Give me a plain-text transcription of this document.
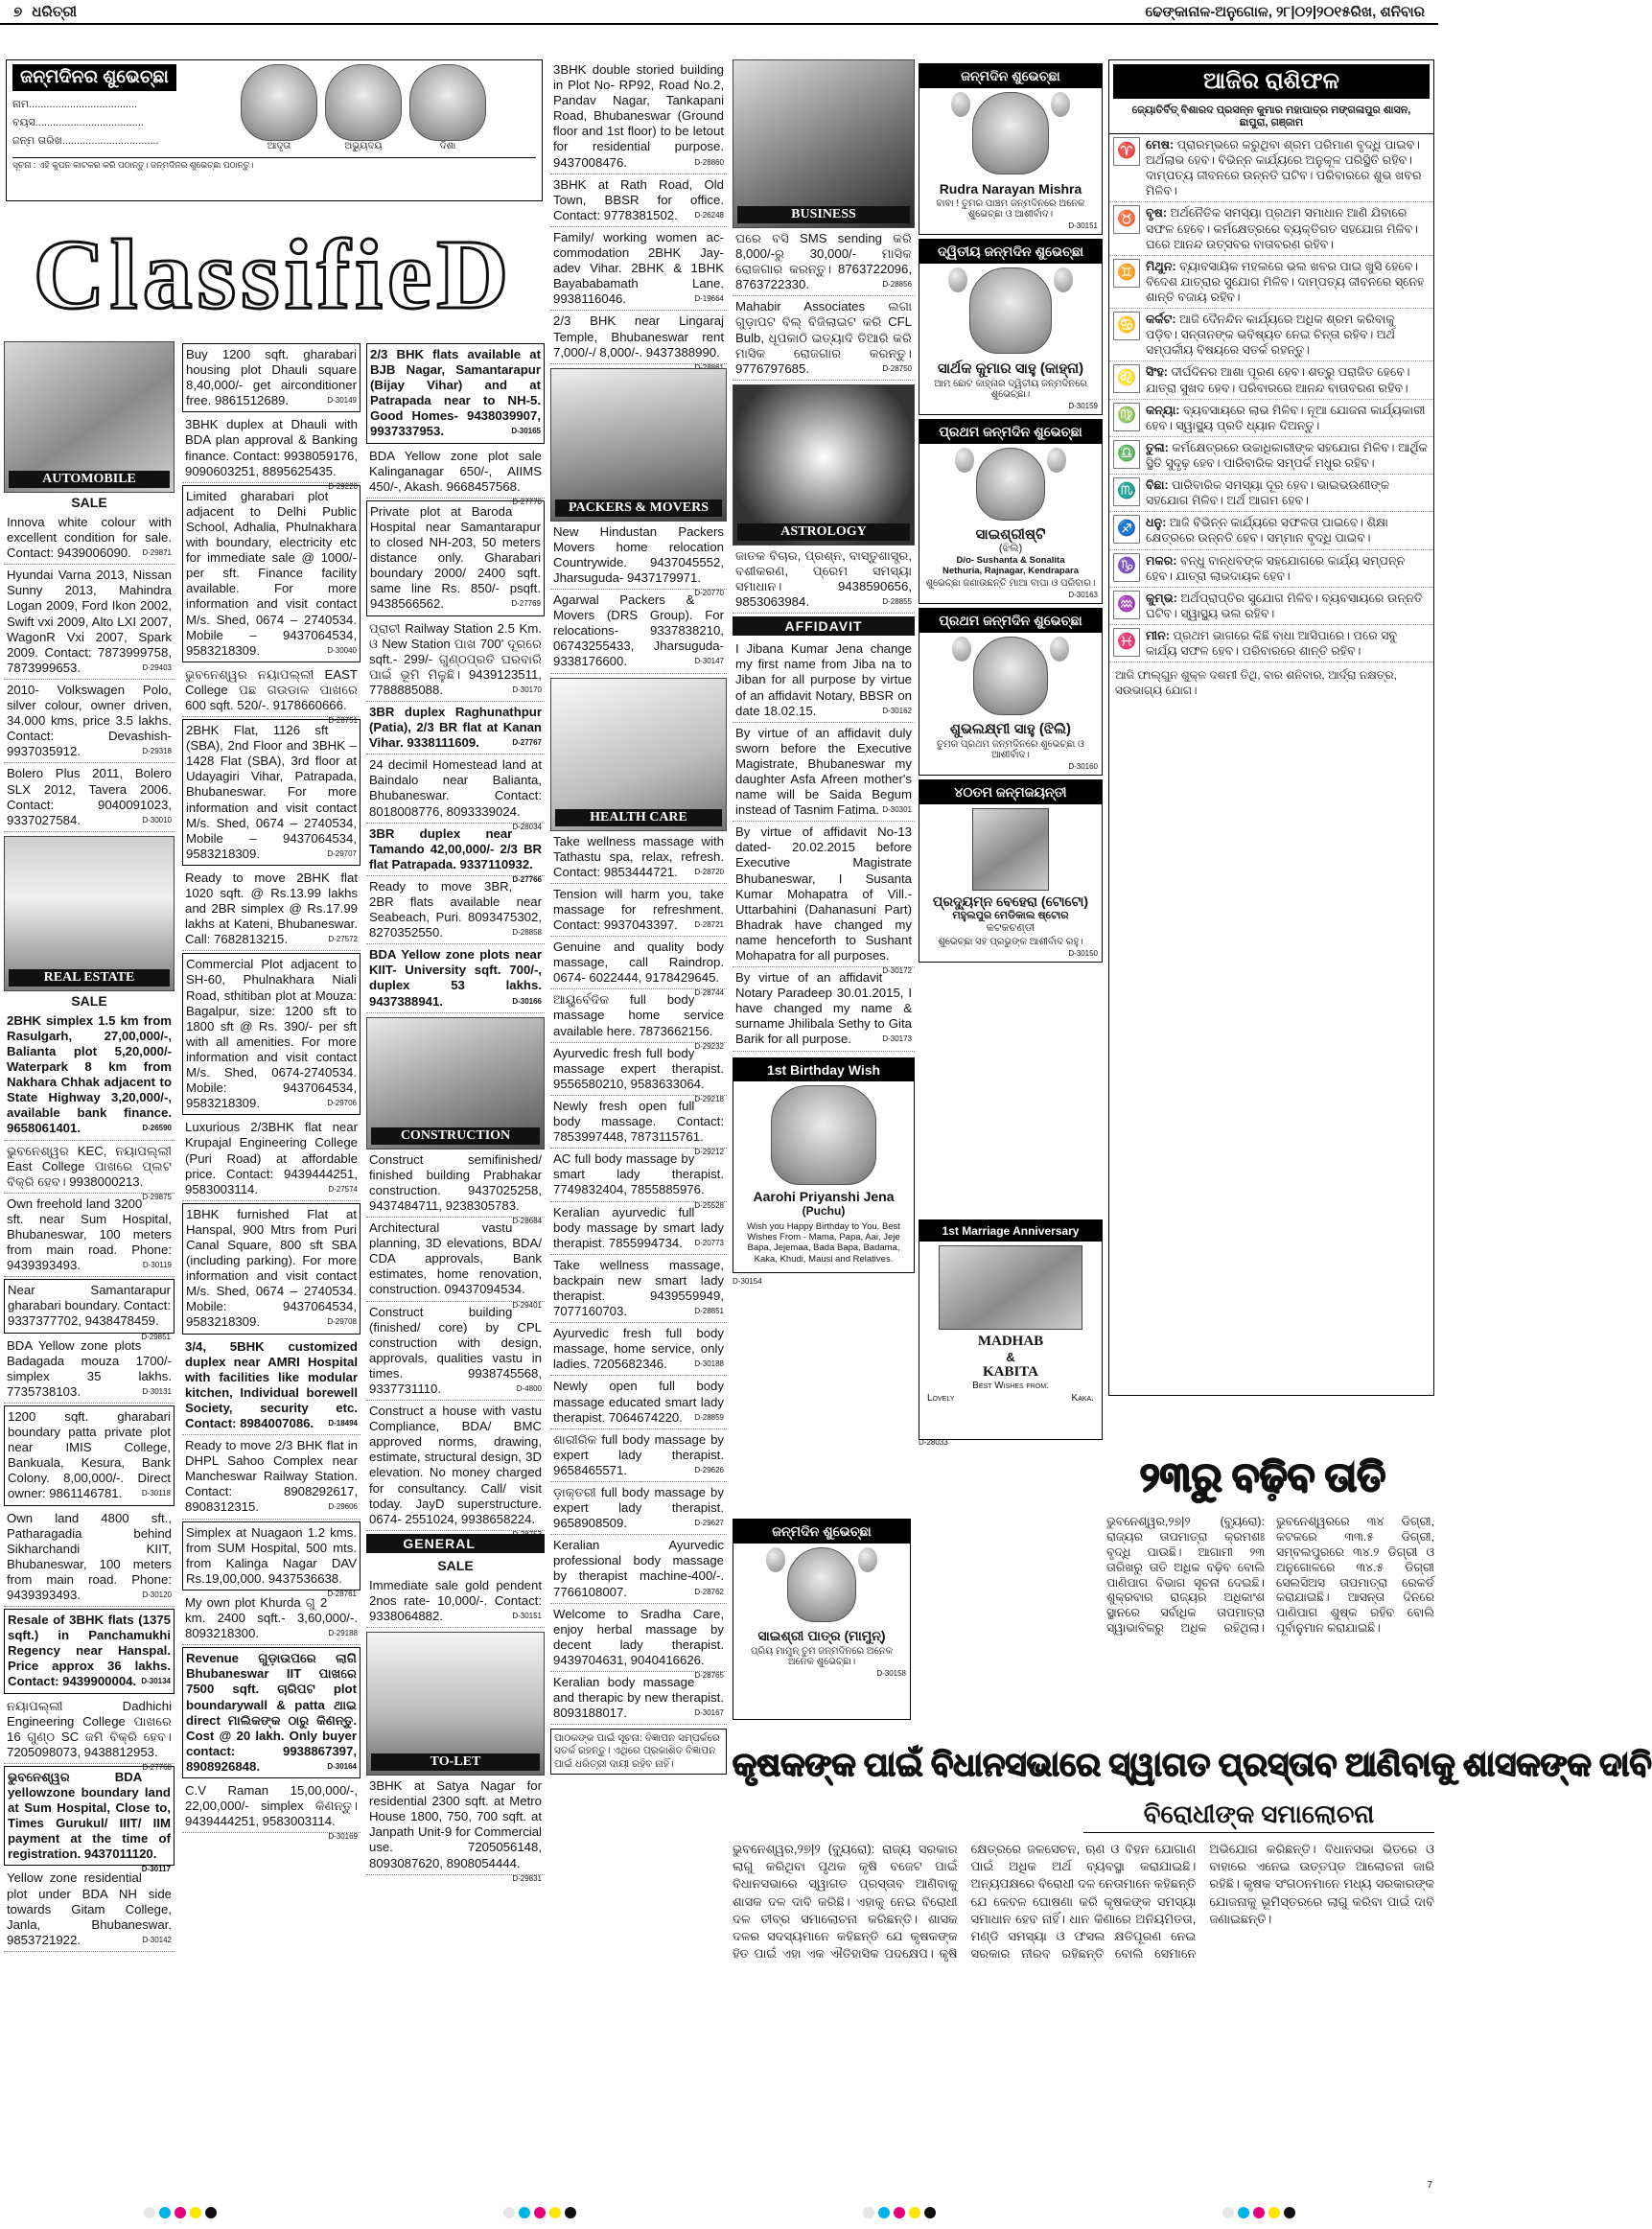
୭ ଧରିତ୍ରୀ	ଢେଙ୍କାନାଳ-ଅନୁଗୋଳ, ୨୮|୦୨|୨୦୧୫ରିଖ, ଶନିବାର
ଜନ୍ମଦିନର ଶୁଭେଚ୍ଛା
ନାମ.....................................
ବୟସ.....................................
ଜନ୍ମ ତାରିଖ.................................	ଆଦୃତା	ଅଭ୍ୟୁଦୟ	ଦିଶା
ସୂଚନା : ଏହି କୁପନ କାଟକର କରି ପଠାନ୍ତୁ। ଜନ୍ମଦିନର ଶୁଭେଚ୍ଛା ପଠାନ୍ତୁ।
ClassifieD
AUTOMOBILE
SALE
Innova white colour with excellent condition for sale. Contact: 9439006090. D-29871
Hyundai Varna 2013, Nissan Sunny 2013, Mahindra Logan 2009, Ford Ikon 2002, Swift vxi 2009, Alto LXI 2007, WagonR Vxi 2007, Spark 2009. Contact: 7873999758, 7873999653.	D-29403
2010- Volkswagen Polo, silver colour, owner driven, 34.000 kms, price 3.5 lakhs. Contact: Devashish- 9937035912.	D-29318
Bolero Plus 2011, Bolero SLX 2012, Tavera 2006. Contact: 9040091023, 9337027584.	D-30010
REAL ESTATE
SALE
2BHK simplex 1.5 km from Rasulgarh, 27,00,000/-, Balianta plot 5,20,000/- Waterpark 8 km from Nakhara Chhak adjacent to State Highway 3,20,000/-, available bank finance. 9658061401.	D-26590
ଭୁବନେଶ୍ୱର KEC, ନୟାପଲ୍ଲୀ East College ପାଖରେ ପ୍ଲଟ ବିକ୍ରି ହେବ। 9938000213.
D-29875
Own freehold land 3200 sft. near Sum Hospital, Bhubaneswar, 100 meters from main road. Phone: 9439393493.	D-30119
Near Samantarapur gharabari boundary. Contact: 9337377702, 9438478459.
D-29851
BDA Yellow zone plots Badagada mouza 1700/- simplex 35 lakhs. 7735738103.	D-30131
1200 sqft. gharabari boundary patta private plot near IMIS College, Bankuala, Kesura, Bank Colony. 8,00,000/-. Direct owner: 9861146781.	D-30118
Own land 4800 sft., Patharagadia behind Sikharchandi KIIT, Bhubaneswar, 100 meters from main road. Phone: 9439393493.	D-30120
Resale of 3BHK flats (1375 sqft.) in Panchamukhi Regency near Hanspal. Price approx 36 lakhs. Contact: 9439900004. D-30134
ନୟାପଲ୍ଲୀ Dadhichi Engineering College ପାଖରେ 16 ଗୁଣ୍ଠ SC ଜମି ବିକ୍ରି ହେବ। 7205098073, 9438812953.
D-27768
ଭୁବନେଶ୍ୱର BDA yellowzone boundary land at Sum Hospital, Close to, Times Gurukul/ IIIT/ IIM payment at the time of registration. 9437011120.
D-30117
Yellow zone residential plot under BDA NH side towards Gitam College, Janla, Bhubaneswar. 9853721922.	D-30142
Buy 1200 sqft. gharabari housing plot Dhauli square 8,40,000/- get airconditioner free. 9861512689.	D-30149
3BHK duplex at Dhauli with BDA plan approval & Banking finance. Contact: 9938059176, 9090603251, 8895625435.
D-29220
Limited gharabari plot adjacent to Delhi Public School, Adhalia, Phulnakhara with boundary, electricity etc for immediate sale @ 1000/- per sft. Finance facility available. For more information and visit contact M/s. Shed, 0674 – 2740534. Mobile – 9437064534, 9583218309.	D-30040
ଭୁବନେଶ୍ୱର ନୟାପଲ୍ଲୀ EAST College ପଛ ଗଉଡାଳ ପାଖରେ 600 sqft. 520/-. 9178660666.
D-28751
2BHK Flat, 1126 sft (SBA), 2nd Floor and 3BHK – 1428 Flat (SBA), 3rd floor at Udayagiri Vihar, Patrapada, Bhubaneswar. For more information and visit contact M/s. Shed, 0674 – 2740534, Mobile – 9437064534, 9583218309.	D-29707
Ready to move 2BHK flat 1020 sqft. @ Rs.13.99 lakhs and 2BR simplex @ Rs.17.99 lakhs at Kateni, Bhubaneswar. Call: 7682813215.	D-27572
Commercial Plot adjacent to SH-60, Phulnakhara Niali Road, sthitiban plot at Mouza: Bagalpur, size: 1200 sft to 1800 sft @ Rs. 390/- per sft with all amenities. For more information and visit contact M/s. Shed, 0674-2740534. Mobile: 9437064534, 9583218309.	D-29706
Luxurious 2/3BHK flat near Krupajal Engineering College (Puri Road) at affordable price. Contact: 9439444251, 9583003114.	D-27574
1BHK furnished Flat at Hanspal, 900 Mtrs from Puri Canal Square, 800 sft SBA (including parking). For more information and visit contact M/s. Shed, 0674 – 2740534. Mobile: 9437064534, 9583218309.	D-29708
3/4, 5BHK customized duplex near AMRI Hospital with facilities like modular kitchen, Individual borewell Society, security etc. Contact: 8984007086. D-18494
Ready to move 2/3 BHK flat in DHPL Sahoo Complex near Mancheswar Railway Station. Contact: 8908292617, 8908312315.	D-29606
Simplex at Nuagaon 1.2 kms. from SUM Hospital, 500 mts. from Kalinga Nagar DAV Rs.19,00,000. 9437536638.
D-28761
My own plot Khurda ଗୁ 2 km. 2400 sqft.- 3,60,000/-. 8093218300.	D-29188
Revenue ଗୁଡ଼ାଉପରେ ଲାଗି Bhubaneswar IIT ପାଖରେ 7500 sqft. ଚାରିପଟ plot boundarywall & patta ଥାଇ direct ମାଲିକଙ୍କ ଠାରୁ କିଣନ୍ତୁ. Cost @ 20 lakh. Only buyer contact: 9938867397, 8908926848.	D-30164
C.V Raman 15,00,000/-, 22,00,000/- simplex କିଣନ୍ତୁ। 9439444251, 9583003114.
D-30169
2/3 BHK flats available at BJB Nagar, Samantarapur (Bijay Vihar) and at Patrapada near to NH-5. Good Homes- 9438039907, 9937337953.	D-30165
BDA Yellow zone plot sale Kalinganagar 650/-, AIIMS 450/-, Akash. 9668457568.
D-27770
Private plot at Baroda Hospital near Samantarapur to closed NH-203, 50 meters distance only. Gharabari boundary 2000/ 2400 sqft. same line Rs. 850/- psqft. 9438566562.	D-27769
ପ୍ରାଚୀ Railway Station 2.5 Km. ଓ New Station ପାଖ 700' ଦୂରରେ sqft.- 299/- ଗୁଣ୍ଠପ୍ରତି ଘରବାରି ପାଇଁ ଭୂମି ମିଳୁଛି। 9439123511, 7788885088.	D-30170
3BR duplex Raghunathpur (Patia), 2/3 BR flat at Kanan Vihar. 9338111609.	D-27767
24 decimil Homestead land at Baindalo near Balianta, Bhubaneswar. Contact: 8018008776, 8093339024.
D-28034
3BR duplex near Tamando 42,00,000/- 2/3 BR flat Patrapada. 9337110932.
D-27766
Ready to move 3BR, 2BR flats available near Seabeach, Puri. 8093475302, 8270352550.	D-28858
BDA Yellow zone plots near KIIT- University sqft. 700/-, duplex 53 lakhs. 9437388941.	D-30166
CONSTRUCTION
Construct semifinished/ finished building Prabhakar construction. 9437025258, 9437484711, 9238305783.
D-28684
Architectural vastu planning, 3D elevations, BDA/ CDA approvals, Bank estimates, home renovation, construction. 09437094534.
D-29401
Construct building (finished/ core) by CPL construction with design, approvals, qualities vastu in times. 9938745568, 9337731110.	D-4800
Construct a house with vastu Compliance, BDA/ BMC approved norms, drawing, estimate, structural design, 3D elevation. No money charged for consultancy. Call/ visit today. JayD superstructure. 0674- 2551024, 9938658224.
D-28753
GENERAL
SALE
Immediate sale gold pendent 2nos rate- 10,000/-. Contact: 9338064882.	D-30151
TO-LET
3BHK at Satya Nagar for residential 2300 sqft. at Metro House 1800, 750, 700 sqft. at Janpath Unit-9 for Commercial use. 7205056148, 8093087620, 8908054444.
D-29831
3BHK double storied building in Plot No- RP92, Road No.2, Pandav Nagar, Tankapani Road, Bhubaneswar (Ground floor and 1st floor) to be letout for residential purpose. 9437008476.	D-28860
3BHK at Rath Road, Old Town, BBSR for office. Contact: 9778381502. D-26248
Family/ working women ac- commodation 2BHK Jay- adev Vihar. 2BHK & 1BHK Bayababamath Lane. 9938116046.	D-19664
2/3 BHK near Lingaraj Temple, Bhubaneswar rent 7,000/-/ 8,000/-. 9437388990.
PACKERS & MOVERS
New Hindustan Packers Movers home relocation Countrywide. 9437045552, Jharsuguda- 9437179971.
D-20770
Agarwal Packers & Movers (DRS Group). For relocations- 9337838210, 06743255433, Jharsuguda-9338176600.	D-30147
HEALTH CARE
Take wellness massage with Tathastu spa, relax, refresh. Contact: 9853444721. D-28720
Tension will harm you, take massage for refreshment. Contact: 9937043397. D-28721
Genuine and quality body massage, call Raindrop. 0674- 6022444, 9178429645.
D-28744
ଆୟୁର୍ବେଦିକ full body massage home service available here. 7873662156.
D-29232
Ayurvedic fresh full body massage expert therapist. 9556580210, 9583633064.
D-29218
Newly fresh open full body massage. Contact: 7853997448, 7873115761.
D-29212
AC full body massage by smart lady therapist. 7749832404, 7855885976.
D-25528
Keralian ayurvedic full body massage by smart lady therapist. 7855994734. D-20773
Take wellness massage, backpain new smart lady therapist. 9439559949, 7077160703.	D-28851
Ayurvedic fresh full body massage, home service, only ladies. 7205682346.	D-30188
Newly open full body massage educated smart lady therapist. 7064674220. D-28859
ଶାରୀରିକ full body massage by expert lady therapist. 9658465571.	D-29626
ଡ଼ାକ୍ତରୀ full body massage by expert lady therapist. 9658908509.	D-29627
Keralian Ayurvedic professional body massage by therapist machine-400/-. 7766108007.	D-28762
Welcome to Sradha Care, enjoy herbal massage by decent lady therapist. 9439704631, 9040416626.
D-28765
Keralian body massage and therapic by new therapist. 8093188017.	D-30167
ପାଠକଙ୍କ ପାଇଁ ସୂଚନା: ବିଜ୍ଞାପନ ସମ୍ପର୍କରେ ସତର୍କ ରହନ୍ତୁ। ଏଥିରେ ପ୍ରକାଶିତ ବିଜ୍ଞାପନ ପାଇଁ ଧରିତ୍ରୀ ଦାୟୀ ରହିବ ନାହିଁ।
BUSINESS
ଘରେ ବସି SMS sending କରି 8,000/-ରୁ 30,000/- ମାସିକ ରୋଜଗାର କରନ୍ତୁ। 8763722096, 8763722330.	D-28856
Mahabir Associates ଲଗା ଗୁଡ଼ାପଟ ବିଲ୍ ବିଜିଲାଇଟ କରି CFL Bulb, ଧୂପକାଠି ଇତ୍ୟାଦି ତିଆରି କରି ମାସିକ ରୋଜଗାର କରନ୍ତୁ। 9776797685.	D-28750
ASTROLOGY
ଜାତକ ବିଚାର, ପ୍ରଶ୍ନ, ବାସ୍ତୁଶାସ୍ତ୍ର, ବଶୀକରଣ, ପ୍ରେମ ସମସ୍ୟା ସମାଧାନ। 9438590656, 9853063984.	D-28855
AFFIDAVIT
I Jibana Kumar Jena change my first name from Jiba na to Jiban for all purpose by virtue of an affidavit Notary, BBSR on date 18.02.15.	D-30162
By virtue of an affidavit duly sworn before the Executive Magistrate, Bhubaneswar my daughter Asfa Afreen mother's name will be Saida Begum instead of Tasnim Fatima. D-30301
By virtue of affidavit No-13 dated- 20.02.2015 before Executive Magistrate Bhubaneswar, I Susanta Kumar Mohapatra of Vill.- Uttarbahini (Dahanasuni Part) Bhadrak have changed my name henceforth to Sushant Mohapatra for all purposes.
D-30172
By virtue of an affidavit Notary Paradeep 30.01.2015, I have changed my name & surname Jhilibala Sethy to Gita Barik for all purpose.	D-30173
1st Birthday Wish
Aarohi Priyanshi Jena
(Puchu)
Wish you Happy Birthday to You. Best Wishes From - Mama, Papa, Aai, Jeje Bapa, Jejemaa, Bada Bapa, Badama, Kaka, Khudi, Mausi and Relatives.
D-30154
ଜନ୍ମଦିନ ଶୁଭେଚ୍ଛା
Rudra Narayan Mishra
ବାବା ! ତୁମର ପାଞ୍ଚମ ଜନ୍ମଦିନରେ ଅନେକ ଶୁଭେଚ୍ଛା ଓ ଆଶୀର୍ବାଦ।
D-30151
ଦ୍ୱିତୀୟ ଜନ୍ମଦିନ ଶୁଭେଚ୍ଛା
ସାର୍ଥକ କୁମାର ସାହୁ (କାହ୍ନା)
ଆମ ଛୋଟ କାହ୍ନାର ଦ୍ୱିତୀୟ ଜନ୍ମଦିନରେ ଶୁଭେଚ୍ଛା।
D-30159
ପ୍ରଥମ ଜନ୍ମଦିନ ଶୁଭେଚ୍ଛା
ସାଇଶ୍ରୀଷ୍ଟି
(ଝିଲି)
D/o- Sushanta & Sonalita
Nethuria, Rajnagar, Kendrapara
ଶୁଭେଚ୍ଛା ଜଣାଉଛନ୍ତି ମାଆ ବାପା ଓ ପରିବାର।
D-30163
ପ୍ରଥମ ଜନ୍ମଦିନ ଶୁଭେଚ୍ଛା
ଶୁଭଲକ୍ଷ୍ମୀ ସାହୁ (ଝିଲି)
ତୁମର ପ୍ରଥମ ଜନ୍ମଦିନରେ ଶୁଭେଚ୍ଛା ଓ ଆଶୀର୍ବାଦ।
D-30160
୪୦ତମ ଜନ୍ମଜୟନ୍ତୀ
ପ୍ରଦ୍ୟୁମ୍ନ ବେହେରା (ଟୋଟୋ)
ମହୁଲପୁର ମେଡିକାଲ ଷ୍ଟୋର
କଟକଚଣ୍ଡୀ
ଶୁଭେଚ୍ଛା ସହ ପ୍ରଭୁଙ୍କ ଆଶୀର୍ବାଦ ରହୁ।
D-30150
1st Marriage Anniversary
MADHAB
&
KABITA
Best Wishes from:
Lovely	Kaka.
D-28033
ଜନ୍ମଦିନ ଶୁଭେଚ୍ଛା
ସାଇଶ୍ରୀ ପାତ୍ର (ମାମୁନ୍)
ପ୍ରିୟ ମାମୁନ୍ ତୁମ ଜନ୍ମଦିନରେ ଅନେକ ଅନେକ ଶୁଭେଚ୍ଛା।
D-30158
ଆଜିର ରାଶିଫଳ
ଜ୍ୟୋତିର୍ବିତ୍ ବିଶାରଦ ପ୍ରସନ୍ନ କୁମାର ମହାପାତ୍ର ମଙ୍ଗଳାପୁର ଶାସନ, ଛାପୁରା, ଗଞ୍ଜାମ
♈ ମେଷ: ପ୍ରାରମ୍ଭରେ କରୁଥିବା ଶ୍ରମ ପରିମାଣ ବୃଦ୍ଧି ପାଇବ। ଅର୍ଥଲାଭ ହେବ। ବିଭିନ୍ନ କାର୍ଯ୍ୟରେ ଅନୁକୂଳ ପରିସ୍ଥିତି ରହିବ। ଦାମ୍ପତ୍ୟ ଜୀବନରେ ଉନ୍ନତି ଘଟିବ। ପରିବାରରେ ଶୁଭ ଖବର ମିଳିବ।
♉ ବୃଷ: ଅର୍ଥନୈତିକ ସମସ୍ୟା ପ୍ରଥମ ସମାଧାନ ଆଣି ଯିବାରେ ସଫଳ ହେବେ। କର୍ମକ୍ଷେତ୍ରରେ ବ୍ୟକ୍ତିଗତ ସହଯୋଗ ମିଳିବ। ଘରେ ଆନନ୍ଦ ଉତ୍ସବର ବାତାବରଣ ରହିବ।
♊ ମିଥୁନ: ବ୍ୟାବସାୟିକ ମହଲରେ ଭଲ ଖବର ପାଇ ଖୁସି ହେବେ। ବିଦେଶ ଯାତ୍ରାର ସୁଯୋଗ ମିଳିବ। ଦାମ୍ପତ୍ୟ ଜୀବନରେ ସ୍ନେହ ଶାନ୍ତି ବଜାୟ ରହିବ।
♋ କର୍କଟ: ଆଜି ଦୈନନ୍ଦିନ କାର୍ଯ୍ୟରେ ଅଧିକ ଶ୍ରମ କରିବାକୁ ପଡ଼ିବ। ସନ୍ତାନଙ୍କ ଭବିଷ୍ୟତ ନେଇ ଚିନ୍ତା ରହିବ। ଅର୍ଥ ସମ୍ପର୍କୀୟ ବିଷୟରେ ସତର୍କ ରହନ୍ତୁ।
♌ ସିଂହ: ଦୀର୍ଘଦିନର ଆଶା ପୂରଣ ହେବ। ଶତ୍ରୁ ପରାଜିତ ହେବେ। ଯାତ୍ରା ସୁଖଦ ହେବ। ପରିବାରରେ ଆନନ୍ଦ ବାତାବରଣ ରହିବ।
♍ କନ୍ୟା: ବ୍ୟବସାୟରେ ଲାଭ ମିଳିବ। ନୂଆ ଯୋଜନା କାର୍ଯ୍ୟକାରୀ ହେବ। ସ୍ୱାସ୍ଥ୍ୟ ପ୍ରତି ଧ୍ୟାନ ଦିଅନ୍ତୁ।
♎ ତୁଳା: କର୍ମକ୍ଷେତ୍ରରେ ଉଚ୍ଚାଧିକାରୀଙ୍କ ସହଯୋଗ ମିଳିବ। ଆର୍ଥିକ ସ୍ଥିତି ସୁଦୃଢ଼ ହେବ। ପାରିବାରିକ ସମ୍ପର୍କ ମଧୁର ରହିବ।
♏ ବିଛା: ପାରିବାରିକ ସମସ୍ୟା ଦୂର ହେବ। ଭାଇଭଉଣୀଙ୍କ ସହଯୋଗ ମିଳିବ। ଅର୍ଥ ଆଗମ ହେବ।
♐ ଧନୁ: ଆଜି ବିଭିନ୍ନ କାର୍ଯ୍ୟରେ ସଫଳତା ପାଇବେ। ଶିକ୍ଷା କ୍ଷେତ୍ରରେ ଉନ୍ନତି ହେବ। ସମ୍ମାନ ବୃଦ୍ଧି ପାଇବ।
♑ ମକର: ବନ୍ଧୁ ବାନ୍ଧବଙ୍କ ସହଯୋଗରେ କାର୍ଯ୍ୟ ସମ୍ପନ୍ନ ହେବ। ଯାତ୍ରା ଲାଭଦାୟକ ହେବ।
♒ କୁମ୍ଭ: ଅର୍ଥପ୍ରାପ୍ତିର ସୁଯୋଗ ମିଳିବ। ବ୍ୟବସାୟରେ ଉନ୍ନତି ଘଟିବ। ସ୍ୱାସ୍ଥ୍ୟ ଭଲ ରହିବ।
♓ ମୀନ: ପ୍ରଥମ ଭାଗରେ କିଛି ବାଧା ଆସିପାରେ। ପରେ ସବୁ କାର୍ଯ୍ୟ ସଫଳ ହେବ। ପରିବାରରେ ଶାନ୍ତି ରହିବ।
ଆଜି ଫାଲ୍ଗୁନ ଶୁକ୍ଳ ଦଶମୀ ତିଥି, ବାର ଶନିବାର, ଆର୍ଦ୍ରା ନକ୍ଷତ୍ର, ସଉଭାଗ୍ୟ ଯୋଗ।
୨୩ରୁ ବଢ଼ିବ ତାତି
ଭୁବନେଶ୍ୱର,୨୭|୨ (ବ୍ୟୁରୋ): ରାଜ୍ୟର ତାପମାତ୍ରା କ୍ରମଶଃ ବୃଦ୍ଧି ପାଉଛି। ଆଗାମୀ ୨୩ ତାରିଖରୁ ତାତି ଅଧିକ ବଢ଼ିବ ବୋଲି ପାଣିପାଗ ବିଭାଗ ସୂଚନା ଦେଇଛି। ଶୁକ୍ରବାର ରାଜ୍ୟର ଅଧିକାଂଶ ସ୍ଥାନରେ ସର୍ବାଧିକ ତାପମାତ୍ରା ସ୍ୱାଭାବିକରୁ ଅଧିକ ରହିଥିଲା। ଭୁବନେଶ୍ୱରରେ ୩୪ ଡିଗ୍ରୀ, କଟକରେ ୩୩.୫ ଡିଗ୍ରୀ, ସମ୍ବଲପୁରରେ ୩୪.୨ ଡିଗ୍ରୀ ଓ ଅନୁଗୋଳରେ ୩୪.୫ ଡିଗ୍ରୀ ସେଲସିଅସ ତାପମାତ୍ରା ରେକର୍ଡ କରାଯାଇଛି। ଆସନ୍ତା ଦିନରେ ପାଣିପାଗ ଶୁଷ୍କ ରହିବ ବୋଲି ପୂର୍ବାନୁମାନ କରାଯାଇଛି।
କୃଷକଙ୍କ ପାଇଁ ବିଧାନସଭାରେ ସ୍ୱାଗତ ପ୍ରସ୍ତାବ ଆଣିବାକୁ ଶାସକଙ୍କ ଦାବି
ବିରୋଧୀଙ୍କ ସମାଲୋଚନା
ଭୁବନେଶ୍ୱର,୨୭|୨ (ବ୍ୟୁରୋ): ରାଜ୍ୟ ସରକାର ଲାଗୁ କରିଥିବା ପୃଥକ କୃଷି ବଜେଟ ପାଇଁ ବିଧାନସଭାରେ ସ୍ୱାଗତ ପ୍ରସ୍ତାବ ଆଣିବାକୁ ଶାସକ ଦଳ ଦାବି କରିଛି। ଏହାକୁ ନେଇ ବିରୋଧୀ ଦଳ ତୀବ୍ର ସମାଲୋଚନା କରିଛନ୍ତି। ଶାସକ ଦଳର ସଦସ୍ୟମାନେ କହିଛନ୍ତି ଯେ କୃଷକଙ୍କ ହିତ ପାଇଁ ଏହା ଏକ ଐତିହାସିକ ପଦକ୍ଷେପ। କୃଷି କ୍ଷେତ୍ରରେ ଜଳସେଚନ, ଋଣ ଓ ବିହନ ଯୋଗାଣ ପାଇଁ ଅଧିକ ଅର୍ଥ ବ୍ୟବସ୍ଥା କରାଯାଇଛି। ଅନ୍ୟପକ୍ଷରେ ବିରୋଧୀ ଦଳ ନେତାମାନେ କହିଛନ୍ତି ଯେ କେବଳ ଘୋଷଣା କରି କୃଷକଙ୍କ ସମସ୍ୟା ସମାଧାନ ହେବ ନାହିଁ। ଧାନ କିଣାରେ ଅନିୟମିତତା, ମଣ୍ଡି ସମସ୍ୟା ଓ ଫସଲ କ୍ଷତିପୂରଣ ନେଇ ସରକାର ନୀରବ ରହିଛନ୍ତି ବୋଲି ସେମାନେ ଅଭିଯୋଗ କରିଛନ୍ତି। ବିଧାନସଭା ଭିତରେ ଓ ବାହାରେ ଏନେଇ ଉତ୍ତପ୍ତ ଆଲୋଚନା ଜାରି ରହିଛି। କୃଷକ ସଂଗଠନମାନେ ମଧ୍ୟ ସରକାରଙ୍କ ଯୋଜନାକୁ ଭୂମିସ୍ତରରେ ଲାଗୁ କରିବା ପାଇଁ ଦାବି ଜଣାଇଛନ୍ତି।
7
